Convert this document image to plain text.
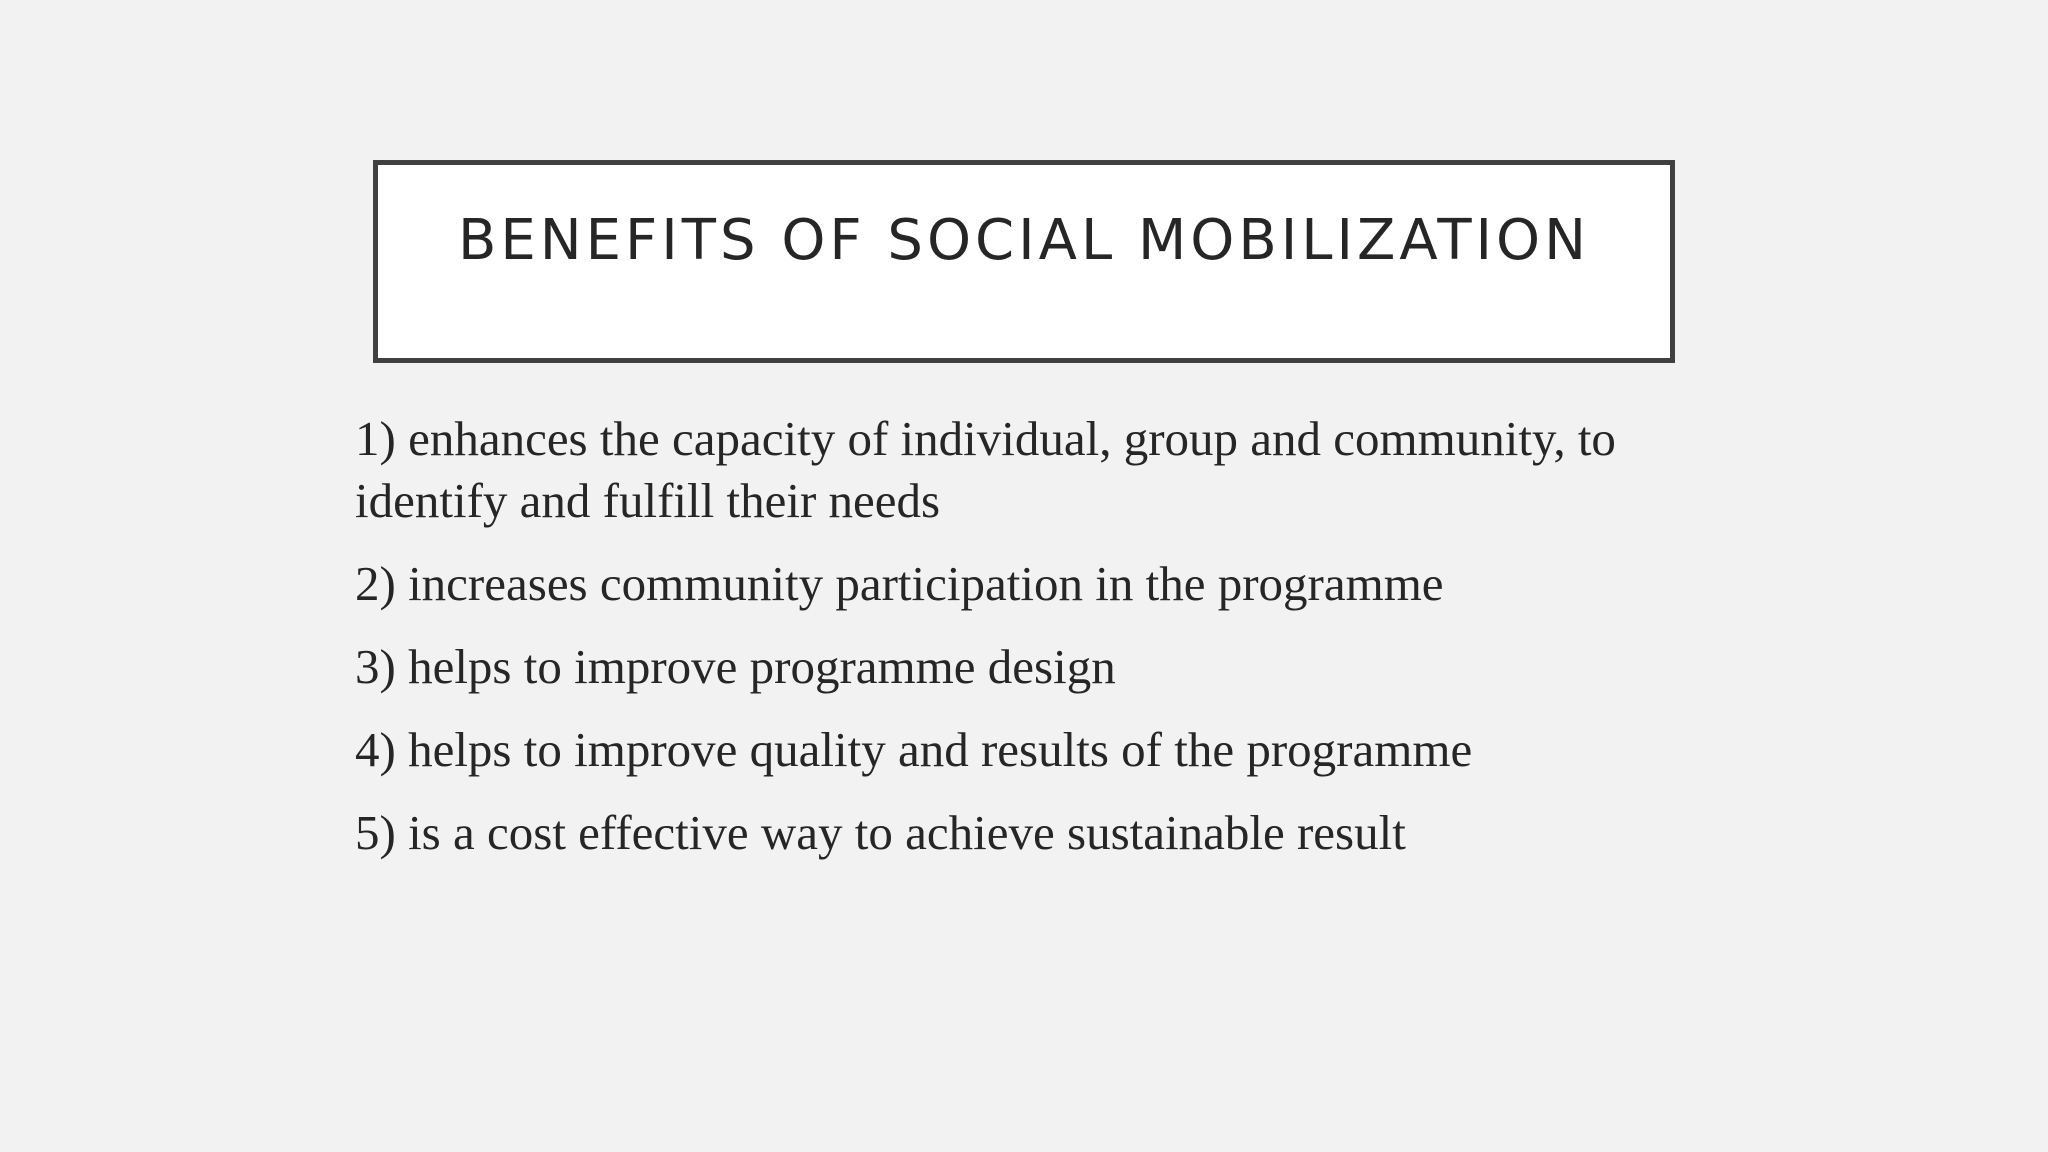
BENEFITS OF SOCIAL MOBILIZATION
1) enhances the capacity of individual, group and community, to identify and fulfill their needs
2) increases community participation in the programme
3) helps to improve programme design
4) helps to improve quality and results of the programme
5) is a cost effective way to achieve sustainable result
